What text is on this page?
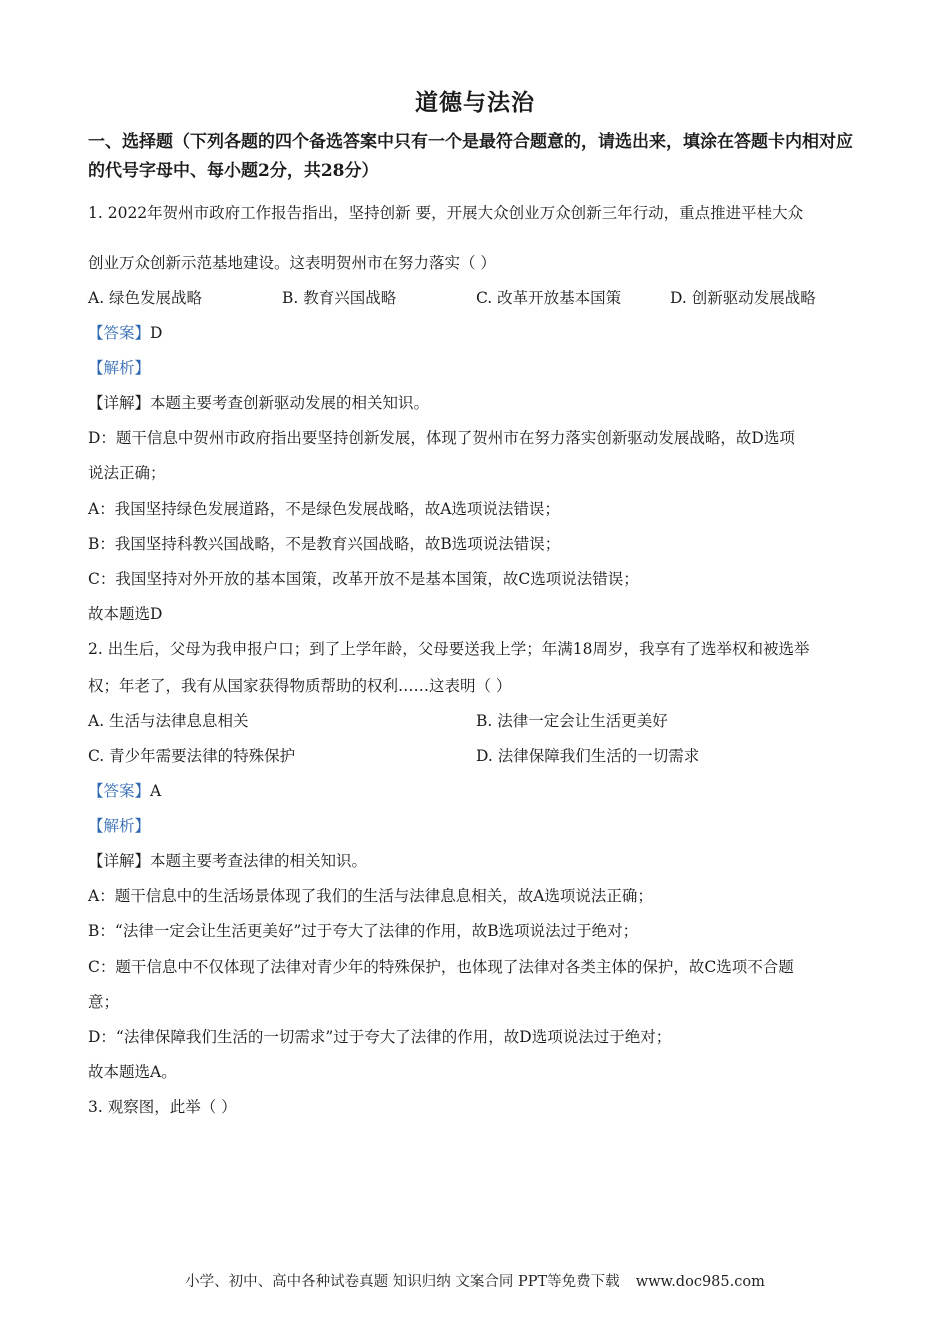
道德与法治
一、选择题（下列各题的四个备选答案中只有一个是最符合题意的，请选出来，填涂在答题卡内相对应的代号字母中、每小题2分，共28分）
1. 2022年贺州市政府工作报告指出，坚持创新 要，开展大众创业万众创新三年行动，重点推进平桂大众
创业万众创新示范基地建设。这表明贺州市在努力落实（ ）
A. 绿色发展战略	B. 教育兴国战略	C. 改革开放基本国策	D. 创新驱动发展战略
【答案】D
【解析】
【详解】本题主要考查创新驱动发展的相关知识。
D：题干信息中贺州市政府指出要坚持创新发展，体现了贺州市在努力落实创新驱动发展战略，故D选项
说法正确；
A：我国坚持绿色发展道路，不是绿色发展战略，故A选项说法错误；
B：我国坚持科教兴国战略，不是教育兴国战略，故B选项说法错误；
C：我国坚持对外开放的基本国策，改革开放不是基本国策，故C选项说法错误；
故本题选D
2. 出生后，父母为我申报户口；到了上学年龄，父母要送我上学；年满18周岁，我享有了选举权和被选举
权；年老了，我有从国家获得物质帮助的权利……这表明（ ）
A. 生活与法律息息相关	B. 法律一定会让生活更美好
C. 青少年需要法律的特殊保护	D. 法律保障我们生活的一切需求
【答案】A
【解析】
【详解】本题主要考查法律的相关知识。
A：题干信息中的生活场景体现了我们的生活与法律息息相关，故A选项说法正确；
B：“法律一定会让生活更美好”过于夸大了法律的作用，故B选项说法过于绝对；
C：题干信息中不仅体现了法律对青少年的特殊保护，也体现了法律对各类主体的保护，故C选项不合题
意；
D：“法律保障我们生活的一切需求”过于夸大了法律的作用，故D选项说法过于绝对；
故本题选A。
3. 观察图，此举（ ）
小学、初中、高中各种试卷真题 知识归纳 文案合同 PPT等免费下载 www.doc985.com
